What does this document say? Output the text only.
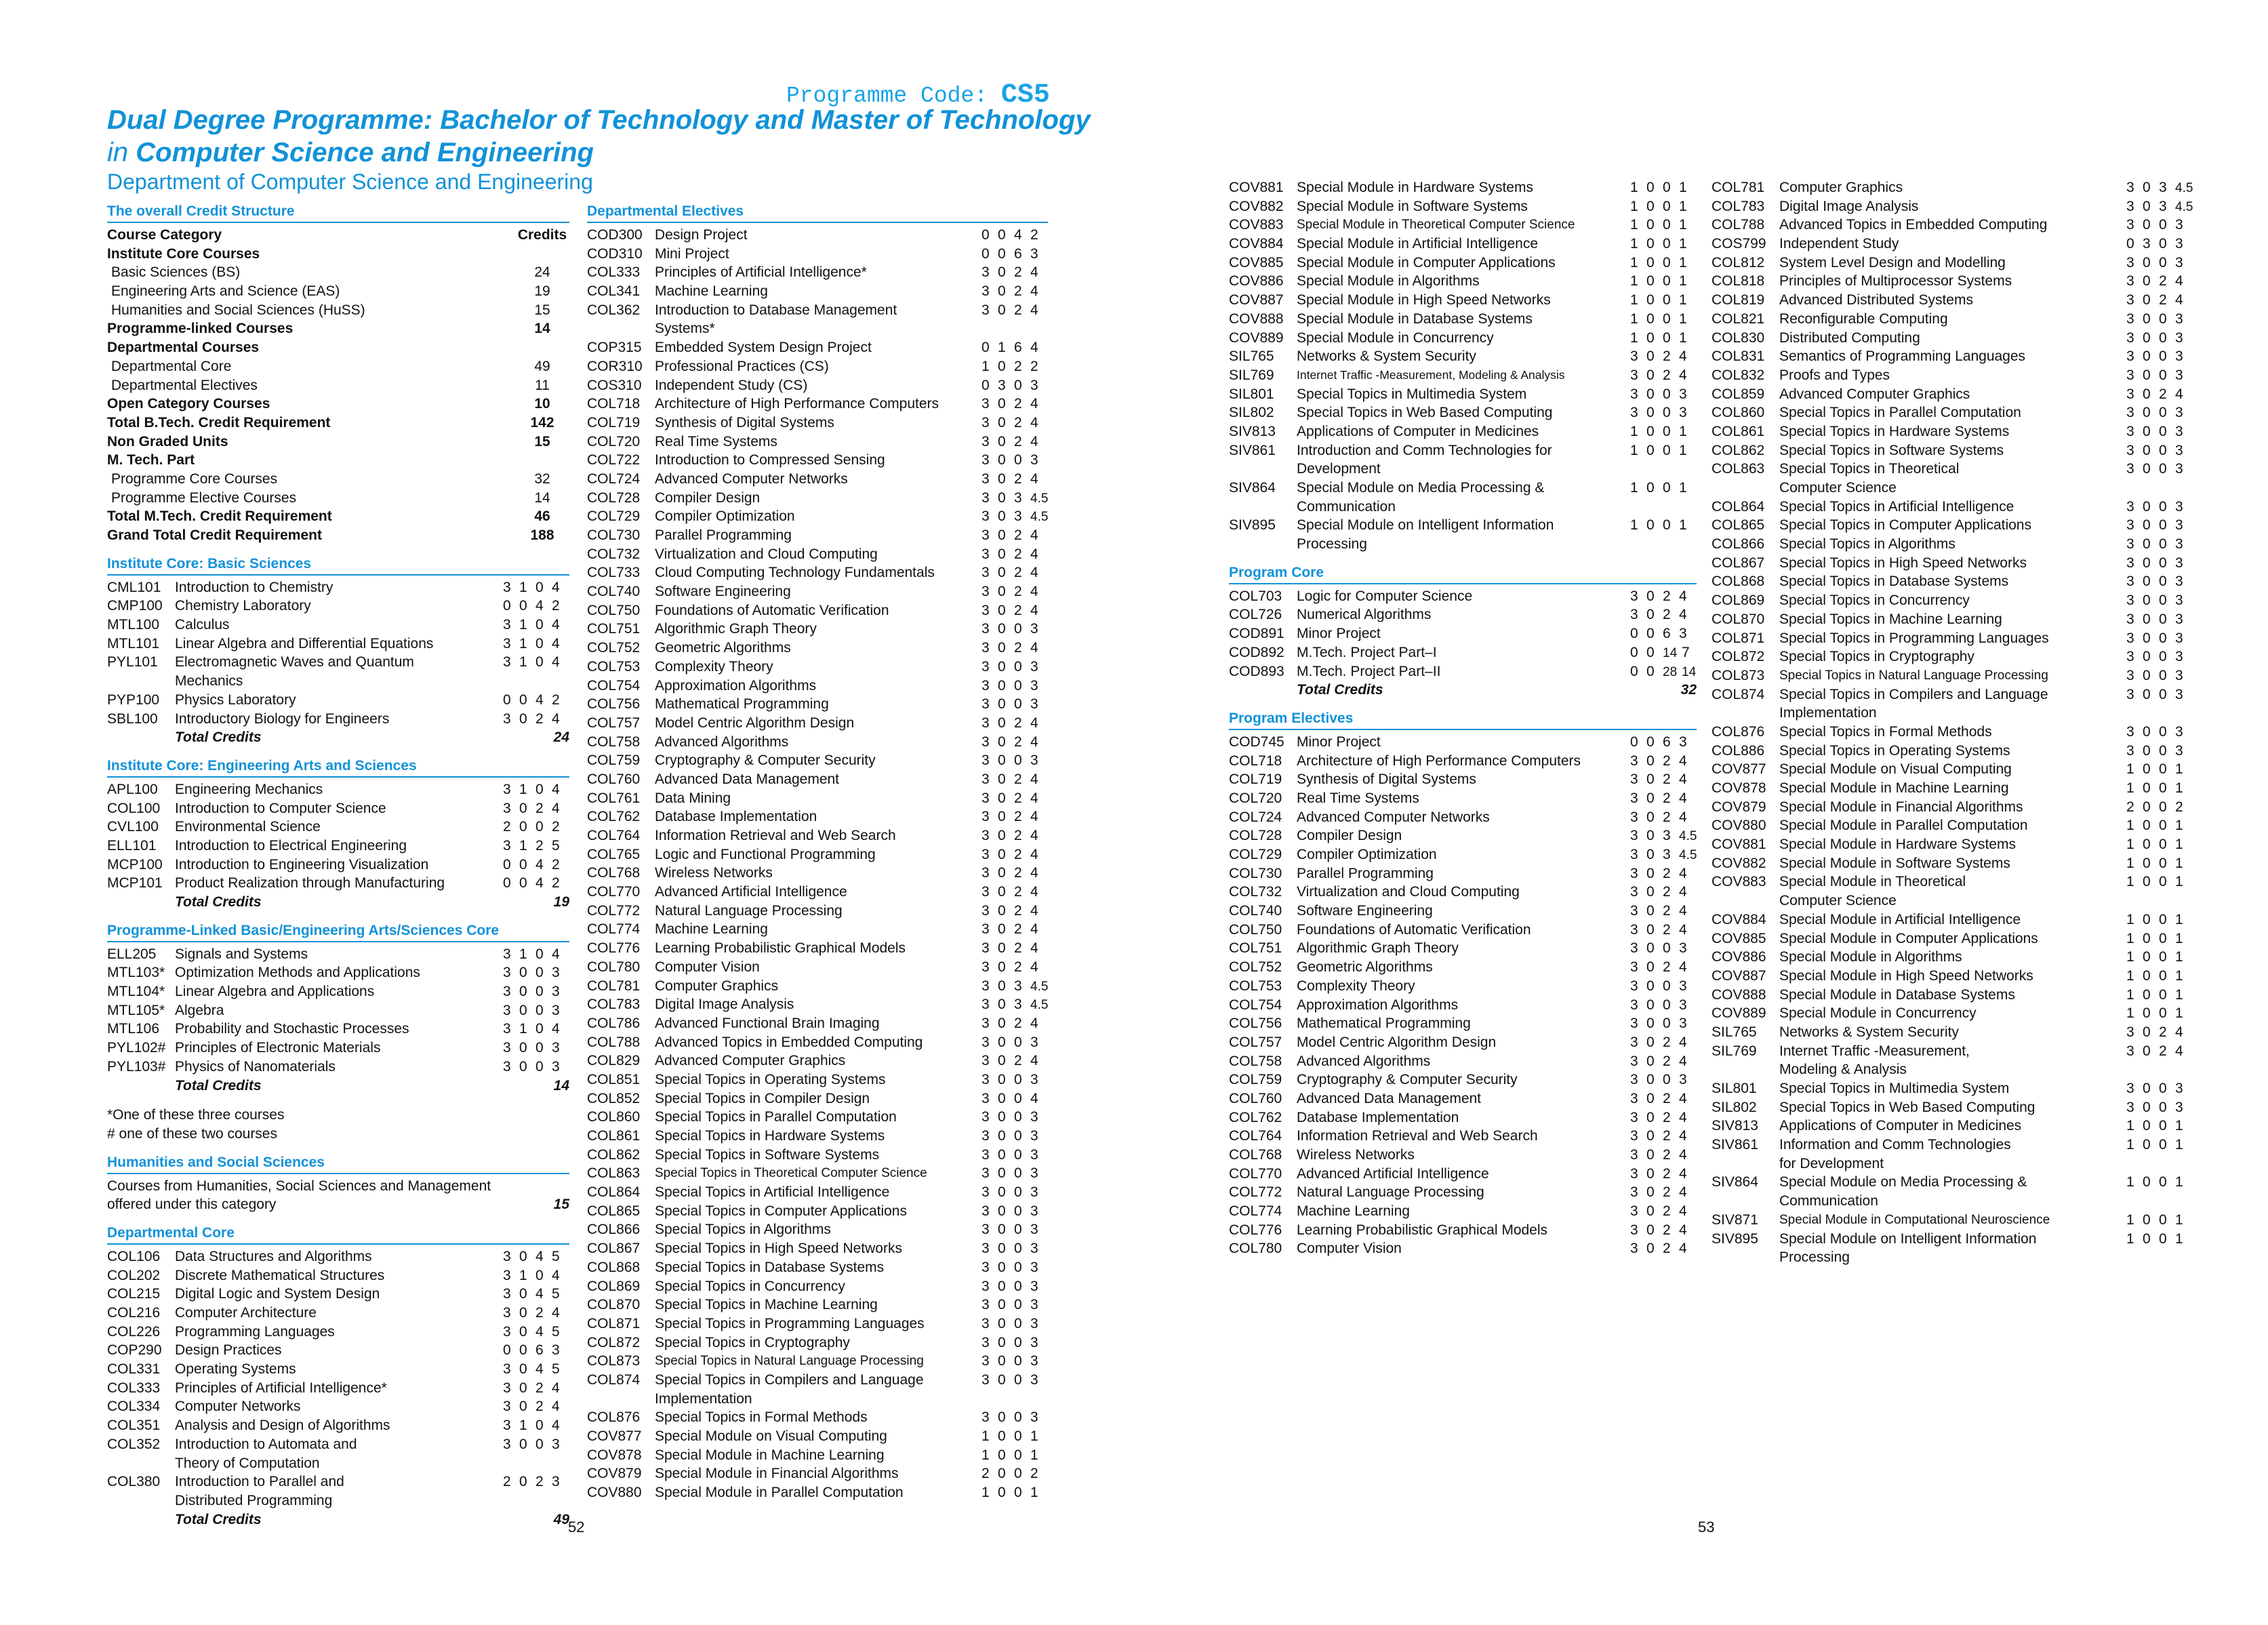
Programme Code: CS5
Dual Degree Programme: Bachelor of Technology and Master of Technology
in Computer Science and Engineering
Department of Computer Science and Engineering
The overall Credit Structure
Course Category	Credits
Institute Core Courses
Basic Sciences (BS)	24
Engineering Arts and Science (EAS)	19
Humanities and Social Sciences (HuSS)	15
Programme-linked Courses	14
Departmental Courses
Departmental Core	49
Departmental Electives	11
Open Category Courses	10
Total B.Tech. Credit Requirement	142
Non Graded Units	15
M. Tech. Part
Programme Core Courses	32
Programme Elective Courses	14
Total M.Tech. Credit Requirement	46
Grand Total Credit Requirement	188
Institute Core: Basic Sciences
CML101 Introduction to Chemistry	3 1 0 4
CMP100 Chemistry Laboratory	0 0 4 2
MTL100	Calculus	3 1 0 4
MTL101	Linear Algebra and Differential Equations	3 1 0 4
PYL101	Electromagnetic Waves and Quantum	3 1 0 4
Mechanics
PYP100	Physics Laboratory	0 0 4 2
SBL100	Introductory Biology for Engineers	3 0 2 4
Total Credits	24
Institute Core: Engineering Arts and Sciences
APL100	Engineering Mechanics	3 1 0 4
COL100	Introduction to Computer Science	3 0 2 4
CVL100	Environmental Science	2 0 0 2
ELL101	Introduction to Electrical Engineering	3 1 2 5
MCP100 Introduction to Engineering Visualization	0 0 4 2
MCP101 Product Realization through Manufacturing	0 0 4 2
Total Credits	19
Programme-Linked Basic/Engineering Arts/Sciences Core
ELL205	Signals and Systems	3 1 0 4
MTL103* Optimization Methods and Applications	3 0 0 3
MTL104* Linear Algebra and Applications	3 0 0 3
MTL105* Algebra	3 0 0 3
MTL106	Probability and Stochastic Processes	3 1 0 4
PYL102# Principles of Electronic Materials	3 0 0 3
PYL103# Physics of Nanomaterials	3 0 0 3
Total Credits	14
*One of these three courses
# one of these two courses
Humanities and Social Sciences
Courses from Humanities, Social Sciences and Management
offered under this category	15
Departmental Core
COL106	Data Structures and Algorithms	3 0 4 5
COL202	Discrete Mathematical Structures	3 1 0 4
COL215	Digital Logic and System Design	3 0 4 5
COL216	Computer Architecture	3 0 2 4
COL226	Programming Languages	3 0 4 5
COP290 Design Practices	0 0 6 3
COL331	Operating Systems	3 0 4 5
COL333	Principles of Artificial Intelligence*	3 0 2 4
COL334	Computer Networks	3 0 2 4
COL351	Analysis and Design of Algorithms	3 1 0 4
COL352	Introduction to Automata and	3 0 0 3
Theory of Computation
COL380	Introduction to Parallel and	2 0 2 3
Distributed Programming
Total Credits	49
Departmental Electives
COD300 Design Project	0 0 4 2
COD310 Mini Project	0 0 6 3
COL333	Principles of Artificial Intelligence*	3 0 2 4
COL341	Machine Learning	3 0 2 4
COL362	Introduction to Database Management	3 0 2 4
Systems*
COP315 Embedded System Design Project	0 1 6 4
COR310 Professional Practices (CS)	1 0 2 2
COS310 Independent Study (CS)	0 3 0 3
COL718	Architecture of High Performance Computers	3 0 2 4
COL719	Synthesis of Digital Systems	3 0 2 4
COL720	Real Time Systems	3 0 2 4
COL722	Introduction to Compressed Sensing	3 0 0 3
COL724	Advanced Computer Networks	3 0 2 4
COL728	Compiler Design	3 0 3 4.5
COL729	Compiler Optimization	3 0 3 4.5
COL730	Parallel Programming	3 0 2 4
COL732	Virtualization and Cloud Computing	3 0 2 4
COL733	Cloud Computing Technology Fundamentals	3 0 2 4
COL740	Software Engineering	3 0 2 4
COL750	Foundations of Automatic Verification	3 0 2 4
COL751	Algorithmic Graph Theory	3 0 0 3
COL752	Geometric Algorithms	3 0 2 4
COL753	Complexity Theory	3 0 0 3
COL754	Approximation Algorithms	3 0 0 3
COL756	Mathematical Programming	3 0 0 3
COL757	Model Centric Algorithm Design	3 0 2 4
COL758	Advanced Algorithms	3 0 2 4
COL759	Cryptography & Computer Security	3 0 0 3
COL760	Advanced Data Management	3 0 2 4
COL761	Data Mining	3 0 2 4
COL762	Database Implementation	3 0 2 4
COL764	Information Retrieval and Web Search	3 0 2 4
COL765	Logic and Functional Programming	3 0 2 4
COL768	Wireless Networks	3 0 2 4
COL770	Advanced Artificial Intelligence	3 0 2 4
COL772	Natural Language Processing	3 0 2 4
COL774	Machine Learning	3 0 2 4
COL776	Learning Probabilistic Graphical Models	3 0 2 4
COL780	Computer Vision	3 0 2 4
COL781	Computer Graphics	3 0 3 4.5
COL783	Digital Image Analysis	3 0 3 4.5
COL786	Advanced Functional Brain Imaging	3 0 2 4
COL788	Advanced Topics in Embedded Computing	3 0 0 3
COL829	Advanced Computer Graphics	3 0 2 4
COL851	Special Topics in Operating Systems	3 0 0 3
COL852	Special Topics in Compiler Design	3 0 0 4
COL860	Special Topics in Parallel Computation	3 0 0 3
COL861	Special Topics in Hardware Systems	3 0 0 3
COL862	Special Topics in Software Systems	3 0 0 3
COL863	Special Topics in Theoretical Computer Science	3 0 0 3
COL864	Special Topics in Artificial Intelligence	3 0 0 3
COL865	Special Topics in Computer Applications	3 0 0 3
COL866	Special Topics in Algorithms	3 0 0 3
COL867	Special Topics in High Speed Networks	3 0 0 3
COL868	Special Topics in Database Systems	3 0 0 3
COL869	Special Topics in Concurrency	3 0 0 3
COL870	Special Topics in Machine Learning	3 0 0 3
COL871	Special Topics in Programming Languages	3 0 0 3
COL872	Special Topics in Cryptography	3 0 0 3
COL873	Special Topics in Natural Language Processing	3 0 0 3
COL874	Special Topics in Compilers and Language	3 0 0 3
Implementation
COL876	Special Topics in Formal Methods	3 0 0 3
COV877 Special Module on Visual Computing	1 0 0 1
COV878 Special Module in Machine Learning	1 0 0 1
COV879 Special Module in Financial Algorithms	2 0 0 2
COV880 Special Module in Parallel Computation	1 0 0 1
52
COV881 Special Module in Hardware Systems	1 0 0 1
COV882 Special Module in Software Systems	1 0 0 1
COV883	Special Module in Theoretical Computer Science	1 0 0 1
COV884 Special Module in Artificial Intelligence	1 0 0 1
COV885 Special Module in Computer Applications	1 0 0 1
COV886 Special Module in Algorithms	1 0 0 1
COV887 Special Module in High Speed Networks	1 0 0 1
COV888 Special Module in Database Systems	1 0 0 1
COV889 Special Module in Concurrency	1 0 0 1
SIL765	Networks & System Security	3 0 2 4
SIL769	Internet Traffic -Measurement, Modeling & Analysis	3 0 2 4
SIL801	Special Topics in Multimedia System	3 0 0 3
SIL802	Special Topics in Web Based Computing	3 0 0 3
SIV813	Applications of Computer in Medicines	1 0 0 1
SIV861	Introduction and Comm Technologies for	1 0 0 1
Development
SIV864	Special Module on Media Processing &	1 0 0 1
Communication
SIV895	Special Module on Intelligent Information	1 0 0 1
Processing
Program Core
COL703	Logic for Computer Science	3 0 2 4
COL726	Numerical Algorithms	3 0 2 4
COD891 Minor Project	0 0 6 3
COD892 M.Tech. Project Part–I	0 0 14 7
COD893 M.Tech. Project Part–II	0 0 28 14
Total Credits	32
Program Electives
COD745 Minor Project	0 0 6 3
COL718	Architecture of High Performance Computers	3 0 2 4
COL719	Synthesis of Digital Systems	3 0 2 4
COL720	Real Time Systems	3 0 2 4
COL724	Advanced Computer Networks	3 0 2 4
COL728	Compiler Design	3 0 3 4.5
COL729	Compiler Optimization	3 0 3 4.5
COL730	Parallel Programming	3 0 2 4
COL732	Virtualization and Cloud Computing	3 0 2 4
COL740	Software Engineering	3 0 2 4
COL750	Foundations of Automatic Verification	3 0 2 4
COL751	Algorithmic Graph Theory	3 0 0 3
COL752	Geometric Algorithms	3 0 2 4
COL753	Complexity Theory	3 0 0 3
COL754	Approximation Algorithms	3 0 0 3
COL756	Mathematical Programming	3 0 0 3
COL757	Model Centric Algorithm Design	3 0 2 4
COL758	Advanced Algorithms	3 0 2 4
COL759	Cryptography & Computer Security	3 0 0 3
COL760	Advanced Data Management	3 0 2 4
COL762	Database Implementation	3 0 2 4
COL764	Information Retrieval and Web Search	3 0 2 4
COL768	Wireless Networks	3 0 2 4
COL770	Advanced Artificial Intelligence	3 0 2 4
COL772	Natural Language Processing	3 0 2 4
COL774	Machine Learning	3 0 2 4
COL776	Learning Probabilistic Graphical Models	3 0 2 4
COL780	Computer Vision	3 0 2 4
COL781	Computer Graphics	3 0 3 4.5
COL783	Digital Image Analysis	3 0 3 4.5
COL788	Advanced Topics in Embedded Computing	3 0 0 3
COS799 Independent Study	0 3 0 3
COL812	System Level Design and Modelling	3 0 0 3
COL818	Principles of Multiprocessor Systems	3 0 2 4
COL819	Advanced Distributed Systems	3 0 2 4
COL821	Reconfigurable Computing	3 0 0 3
COL830	Distributed Computing	3 0 0 3
COL831	Semantics of Programming Languages	3 0 0 3
COL832	Proofs and Types	3 0 0 3
COL859	Advanced Computer Graphics	3 0 2 4
COL860	Special Topics in Parallel Computation	3 0 0 3
COL861	Special Topics in Hardware Systems	3 0 0 3
COL862	Special Topics in Software Systems	3 0 0 3
COL863	Special Topics in Theoretical	3 0 0 3
Computer Science
COL864	Special Topics in Artificial Intelligence	3 0 0 3
COL865	Special Topics in Computer Applications	3 0 0 3
COL866	Special Topics in Algorithms	3 0 0 3
COL867	Special Topics in High Speed Networks	3 0 0 3
COL868	Special Topics in Database Systems	3 0 0 3
COL869	Special Topics in Concurrency	3 0 0 3
COL870	Special Topics in Machine Learning	3 0 0 3
COL871	Special Topics in Programming Languages	3 0 0 3
COL872	Special Topics in Cryptography	3 0 0 3
COL873	Special Topics in Natural Language Processing	3 0 0 3
COL874	Special Topics in Compilers and Language	3 0 0 3
Implementation
COL876	Special Topics in Formal Methods	3 0 0 3
COL886	Special Topics in Operating Systems	3 0 0 3
COV877 Special Module on Visual Computing	1 0 0 1
COV878 Special Module in Machine Learning	1 0 0 1
COV879 Special Module in Financial Algorithms	2 0 0 2
COV880 Special Module in Parallel Computation	1 0 0 1
COV881 Special Module in Hardware Systems	1 0 0 1
COV882 Special Module in Software Systems	1 0 0 1
COV883 Special Module in Theoretical	1 0 0 1
Computer Science
COV884 Special Module in Artificial Intelligence	1 0 0 1
COV885 Special Module in Computer Applications	1 0 0 1
COV886 Special Module in Algorithms	1 0 0 1
COV887 Special Module in High Speed Networks	1 0 0 1
COV888 Special Module in Database Systems	1 0 0 1
COV889 Special Module in Concurrency	1 0 0 1
SIL765	Networks & System Security	3 0 2 4
SIL769	Internet Traffic -Measurement,	3 0 2 4
Modeling & Analysis
SIL801	Special Topics in Multimedia System	3 0 0 3
SIL802	Special Topics in Web Based Computing	3 0 0 3
SIV813	Applications of Computer in Medicines	1 0 0 1
SIV861	Information and Comm Technologies	1 0 0 1
for Development
SIV864	Special Module on Media Processing &	1 0 0 1
Communication
SIV871	Special Module in Computational Neuroscience	1 0 0 1
SIV895	Special Module on Intelligent Information	1 0 0 1
Processing
53
